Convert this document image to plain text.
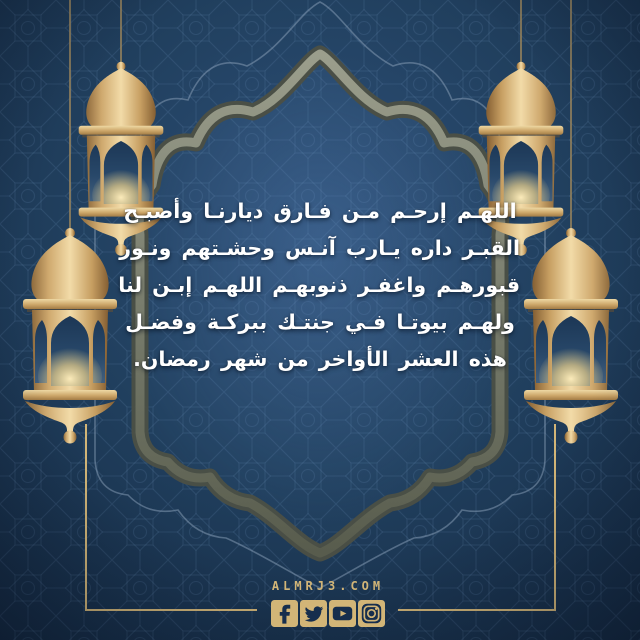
اللهـم إرحـم مـن فـارق ديارنـا وأصبـح
القبـر داره يـارب آنـس وحشـتهم ونـور
قبورهـم واغفـر ذنوبهـم اللهـم إبـن لنا
ولهـم بيوتـا فـي جنتـك ببركـة وفضـل
هذه العشر الأواخر من شهر رمضان.
ALMRJ3.COM
